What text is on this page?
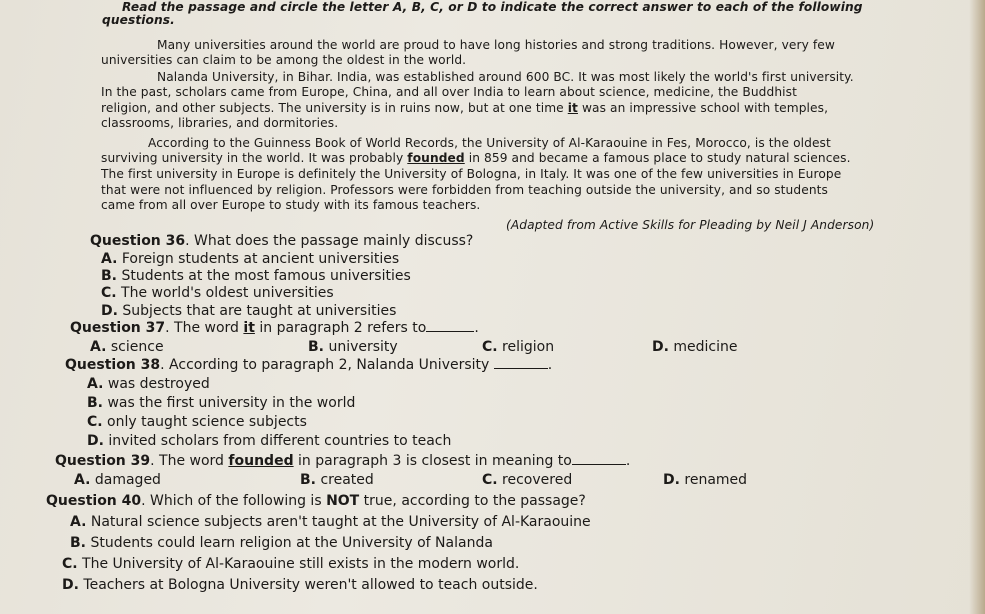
Read the passage and circle the letter A, B, C, or D to indicate the correct answer to each of the following
questions.
Many universities around the world are proud to have long histories and strong traditions. However, very few
universities can claim to be among the oldest in the world.
Nalanda University, in Bihar. India, was established around 600 BC. It was most likely the world's first university.
In the past, scholars came from Europe, China, and all over India to learn about science, medicine, the Buddhist
religion, and other subjects. The university is in ruins now, but at one time it was an impressive school with temples,
classrooms, libraries, and dormitories.
According to the Guinness Book of World Records, the University of Al-Karaouine in Fes, Morocco, is the oldest
surviving university in the world. It was probably founded in 859 and became a famous place to study natural sciences.
The first university in Europe is definitely the University of Bologna, in Italy. It was one of the few universities in Europe
that were not influenced by religion. Professors were forbidden from teaching outside the university, and so students
came from all over Europe to study with its famous teachers.
(Adapted from Active Skills for Pleading by Neil J Anderson)
Question 36. What does the passage mainly discuss?
A. Foreign students at ancient universities
B. Students at the most famous universities
C. The world's oldest universities
D. Subjects that are taught at universities
Question 37. The word it in paragraph 2 refers to	.
A. science	B. university	C. religion	D. medicine
Question 38. According to paragraph 2, Nalanda University	.
A. was destroyed
B. was the first university in the world
C. only taught science subjects
D. invited scholars from different countries to teach
Question 39. The word founded in paragraph 3 is closest in meaning to	.
A. damaged	B. created	C. recovered	D. renamed
Question 40. Which of the following is NOT true, according to the passage?
A. Natural science subjects aren't taught at the University of Al-Karaouine
B. Students could learn religion at the University of Nalanda
C. The University of Al-Karaouine still exists in the modern world.
D. Teachers at Bologna University weren't allowed to teach outside.
